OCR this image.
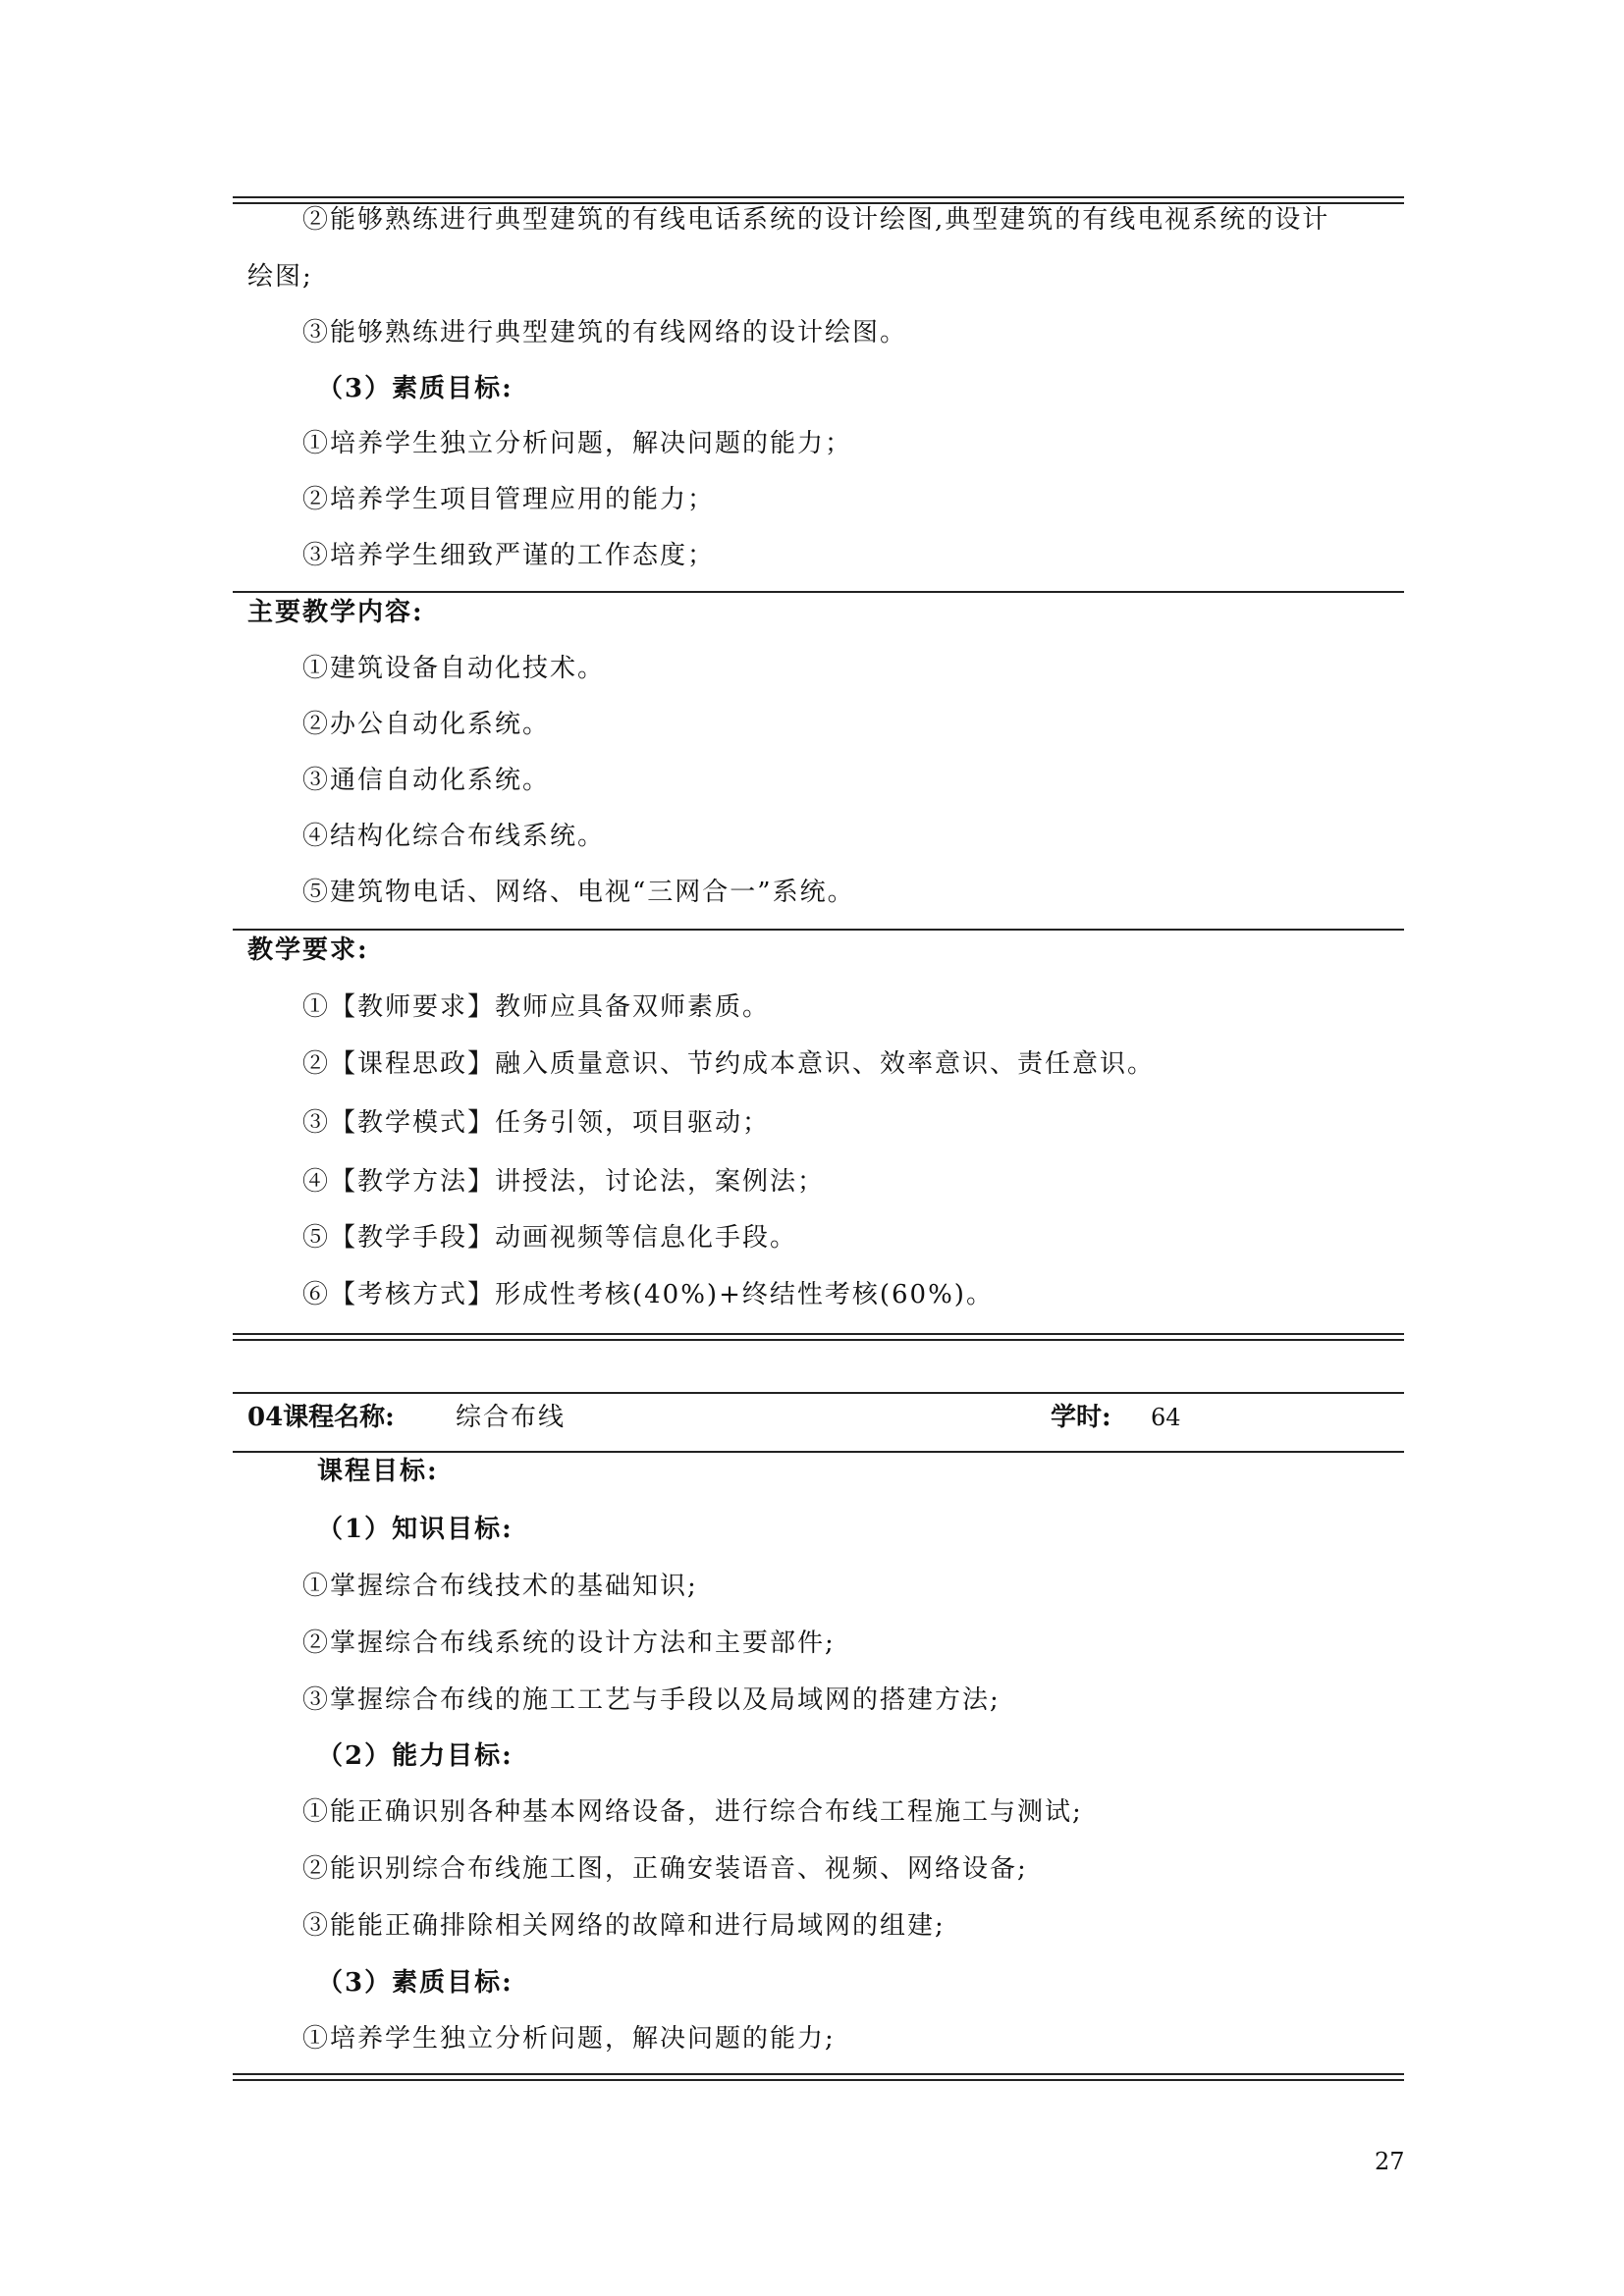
②能够熟练进行典型建筑的有线电话系统的设计绘图,典型建筑的有线电视系统的设计
绘图;
③能够熟练进行典型建筑的有线网络的设计绘图。
（3）素质目标:
①培养学生独立分析问题，解决问题的能力；
②培养学生项目管理应用的能力；
③培养学生细致严谨的工作态度；
主要教学内容:
①建筑设备自动化技术。
②办公自动化系统。
③通信自动化系统。
④结构化综合布线系统。
⑤建筑物电话、网络、电视“三网合一”系统。
教学要求:
①【教师要求】教师应具备双师素质。
②【课程思政】融入质量意识、节约成本意识、效率意识、责任意识。
③【教学模式】任务引领，项目驱动；
④【教学方法】讲授法，讨论法，案例法；
⑤【教学手段】动画视频等信息化手段。
⑥【考核方式】形成性考核(40%)+终结性考核(60%)。
04课程名称: 综合布线	学时: 64
课程目标:
（1）知识目标:
①掌握综合布线技术的基础知识;
②掌握综合布线系统的设计方法和主要部件;
③掌握综合布线的施工工艺与手段以及局域网的搭建方法;
（2）能力目标:
①能正确识别各种基本网络设备，进行综合布线工程施工与测试;
②能识别综合布线施工图，正确安装语音、视频、网络设备;
③能能正确排除相关网络的故障和进行局域网的组建;
（3）素质目标:
①培养学生独立分析问题，解决问题的能力;
27
